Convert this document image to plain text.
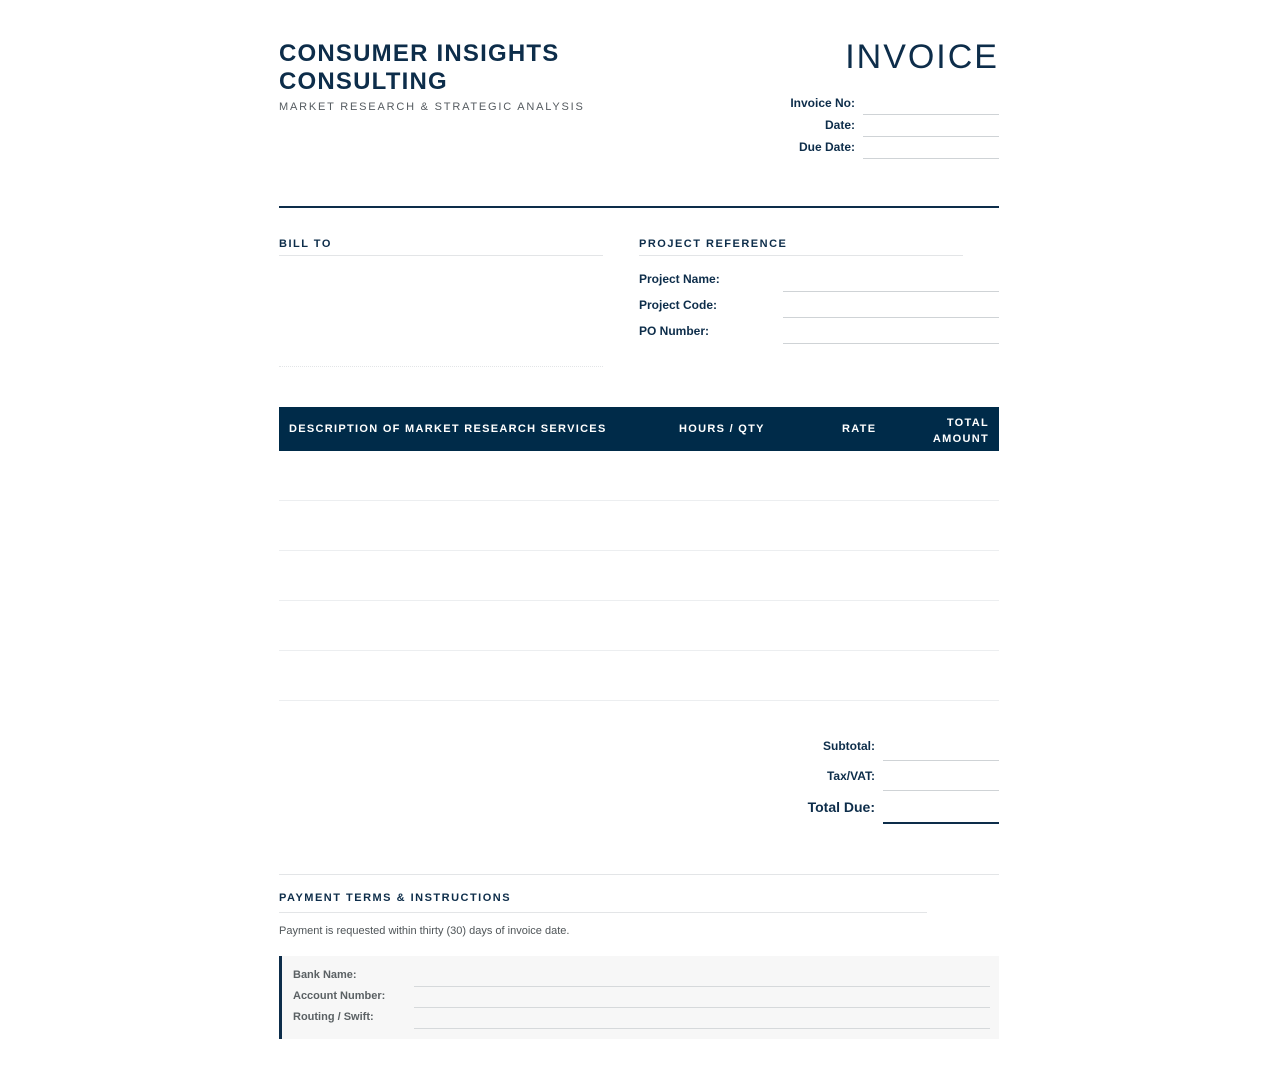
CONSUMER INSIGHTS
CONSULTING
MARKET RESEARCH & STRATEGIC ANALYSIS
INVOICE
Invoice No:
Date:
Due Date:
BILL TO	PROJECT REFERENCE
Project Name:
Project Code:
PO Number:
DESCRIPTION OF MARKET RESEARCH SERVICES	HOURS / QTY	RATE	TOTAL
AMOUNT
Subtotal:
Tax/VAT:
Total Due:
PAYMENT TERMS & INSTRUCTIONS
Payment is requested within thirty (30) days of invoice date.
Bank Name:
Account Number:
Routing / Swift:
